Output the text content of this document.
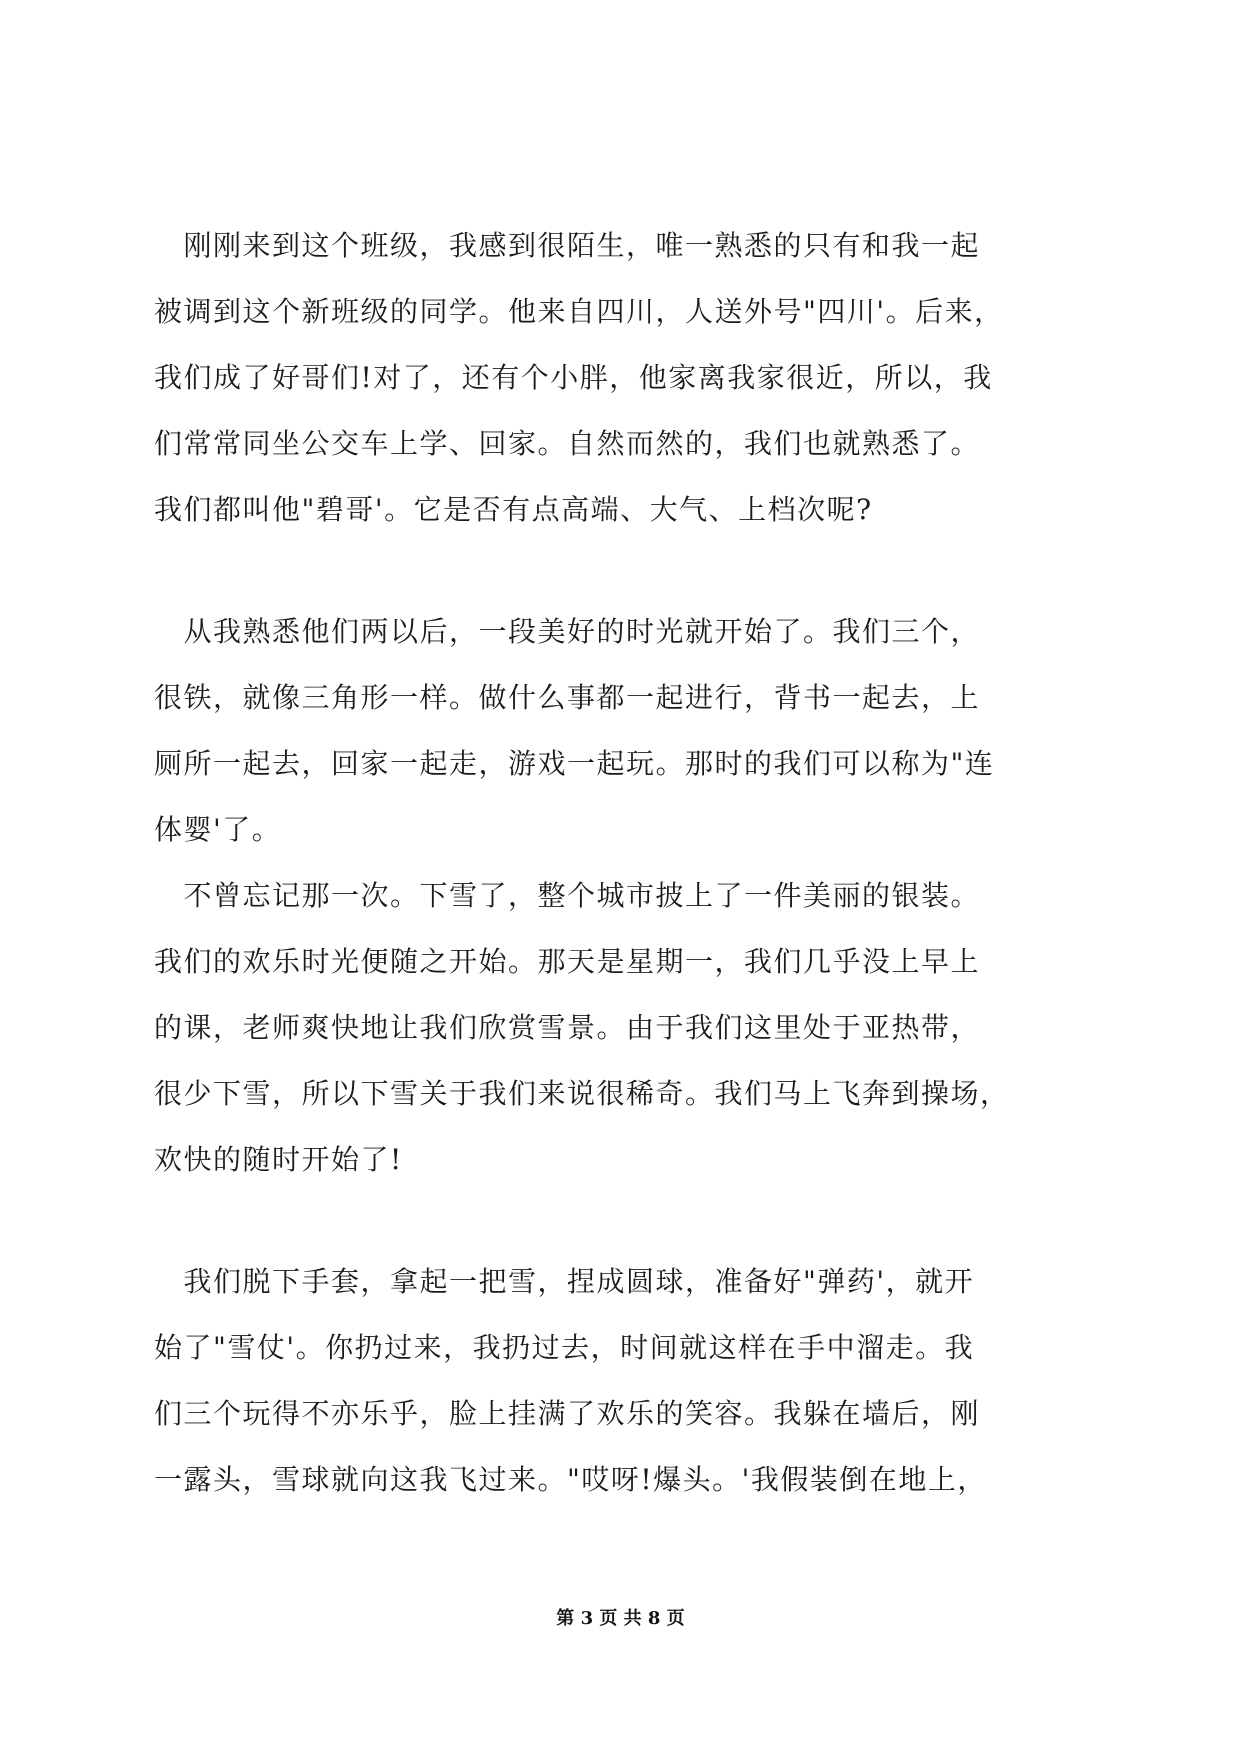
　刚刚来到这个班级，我感到很陌生，唯一熟悉的只有和我一起
被调到这个新班级的同学。他来自四川，人送外号"四川'。后来，
我们成了好哥们!对了，还有个小胖，他家离我家很近，所以，我
们常常同坐公交车上学、回家。自然而然的，我们也就熟悉了。
我们都叫他"碧哥'。它是否有点高端、大气、上档次呢?
　从我熟悉他们两以后，一段美好的时光就开始了。我们三个，
很铁，就像三角形一样。做什么事都一起进行，背书一起去，上
厕所一起去，回家一起走，游戏一起玩。那时的我们可以称为"连
体婴'了。
　不曾忘记那一次。下雪了，整个城市披上了一件美丽的银装。
我们的欢乐时光便随之开始。那天是星期一，我们几乎没上早上
的课，老师爽快地让我们欣赏雪景。由于我们这里处于亚热带，
很少下雪，所以下雪关于我们来说很稀奇。我们马上飞奔到操场，
欢快的随时开始了!
　我们脱下手套，拿起一把雪，捏成圆球，准备好"弹药'，就开
始了"雪仗'。你扔过来，我扔过去，时间就这样在手中溜走。我
们三个玩得不亦乐乎，脸上挂满了欢乐的笑容。我躲在墙后，刚
一露头，雪球就向这我飞过来。"哎呀!爆头。'我假装倒在地上，
第 3 页 共 8 页
